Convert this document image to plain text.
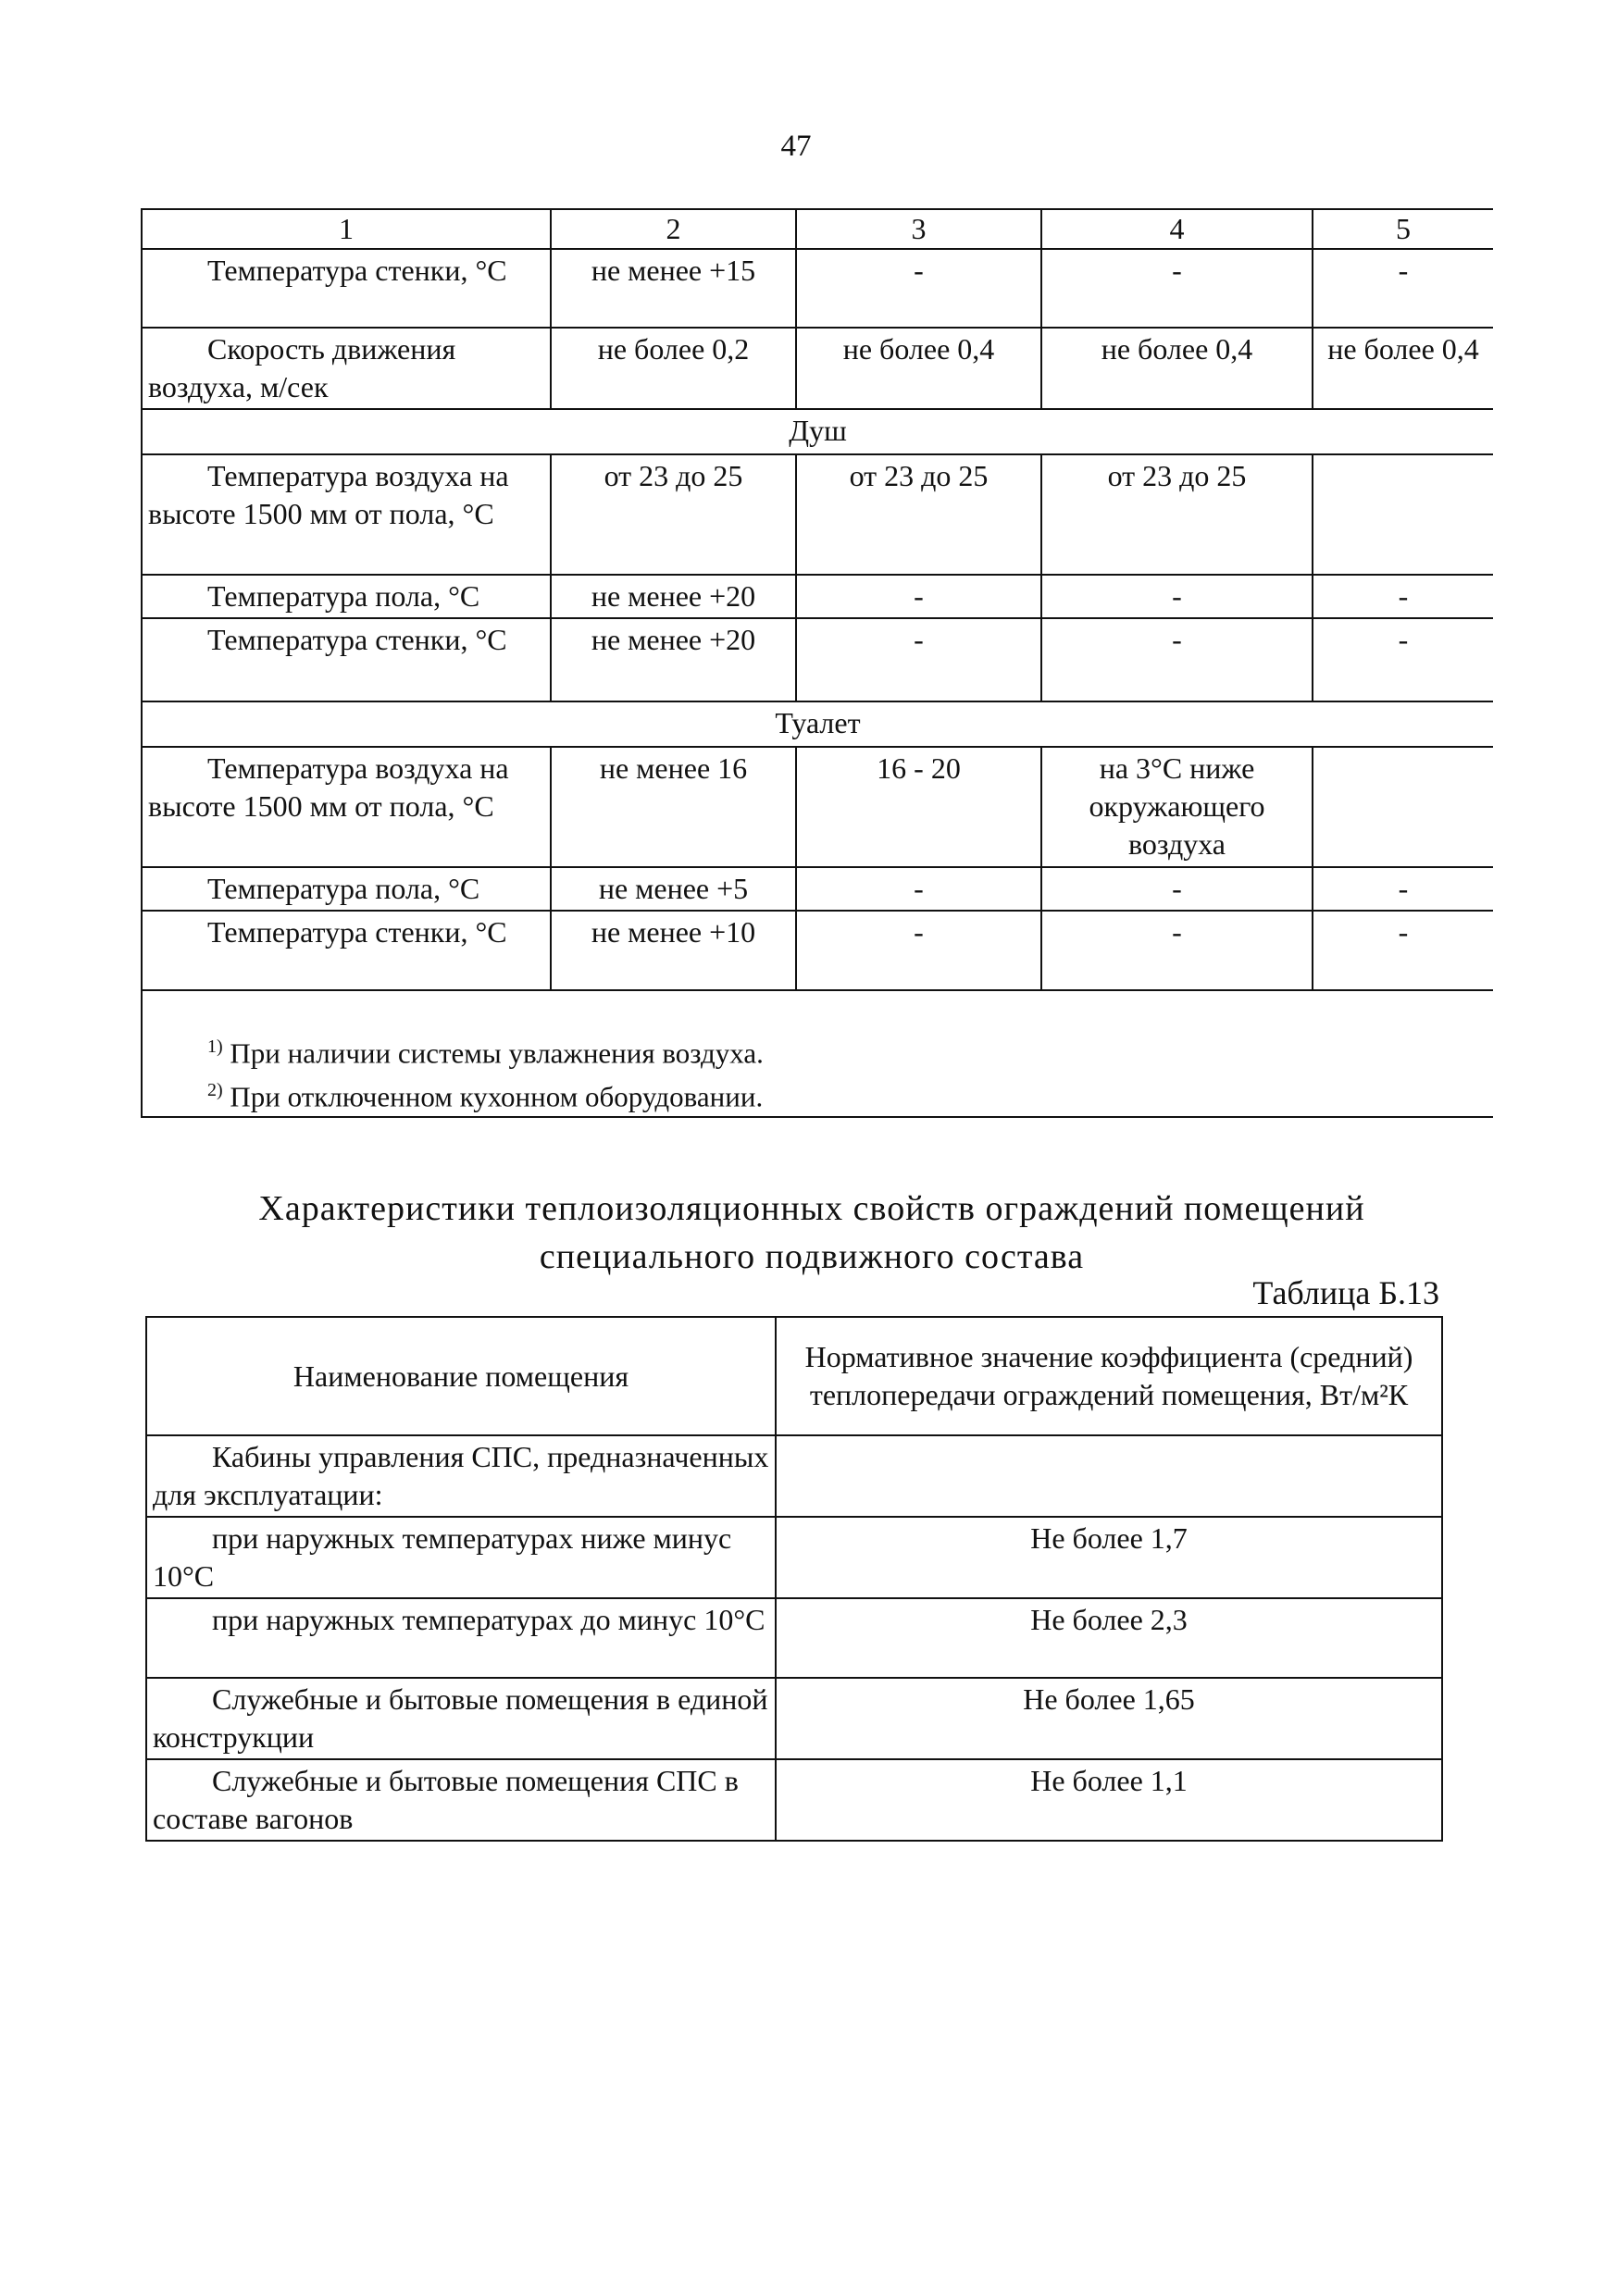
47
1	2	3	4	5
Температура стенки, °С	не менее +15	-	-	-
Скорость движения воздуха, м/сек	не более 0,2	не более 0,4	не более 0,4	не более 0,4
Душ				
Температура воздуха на высоте 1500 мм от пола, °С	от 23 до 25	от 23 до 25	от 23 до 25	
Температура пола, °С	не менее +20	-	-	-
Температура стенки, °С	не менее +20	-	-	-
Туалет				
Температура воздуха на высоте 1500 мм от пола, °С	не менее 16	16 - 20	на 3°С ниже окружающего воздуха	
Температура пола, °С	не менее +5	-	-	-
Температура стенки, °С	не менее +10	-	-	-

$^{1)}$ При наличии системы увлажнения воздуха.
$^{2)}$ При отключенном кухонном оборудовании.				
Характеристики теплоизоляционных свойств ограждений помещений
специального подвижного состава
Таблица Б.13
Наименование помещения	Нормативное значение коэффициента (средний) теплопередачи ограждений помещения, Вт/м²К
Кабины управления СПС, предназначенных для эксплуатации:	
при наружных температурах ниже минус 10°С	Не более 1,7
при наружных температурах до минус 10°С	Не более 2,3
Служебные и бытовые помещения в единой конструкции	Не более 1,65
Служебные и бытовые помещения СПС в составе вагонов	Не более 1,1
